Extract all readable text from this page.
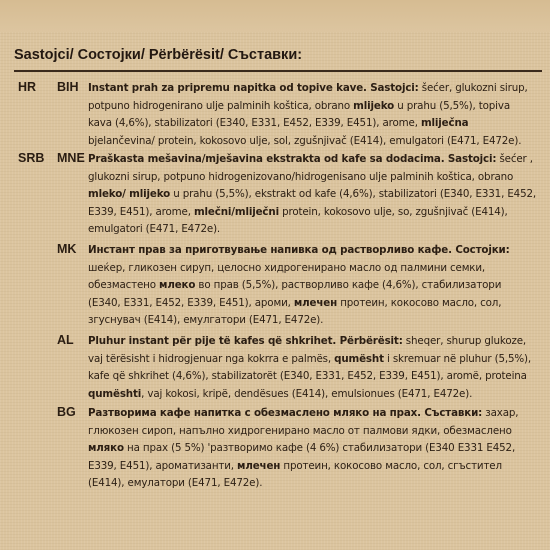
Sastojci/ Состојки/ Përbërësit/ Съставки:
HR BIH Instant prah za pripremu napitka od topive kave. Sastojci: šećer, glukozni sirup, potpuno hidrogenirano ulje palminih koštica, obrano mlijeko u prahu (5,5%), topiva kava (4,6%), stabilizatori (E340, E331, E452, E339, E451), arome, mliječna bjelančevina/ protein, kokosovo ulje, sol, zgušnjivač (E414), emulgatori (E471, E472e).
SRB MNE Praškasta mešavina/mješavina ekstrakta od kafe sa dodacima. Sastojci: šećer , glukozni sirup, potpuno hidrogenizovano/hidrogenisano ulje palminih koštica, obrano mleko/ mlijeko u prahu (5,5%), ekstrakt od kafe (4,6%), stabilizatori (E340, E331, E452, E339, E451), arome, mlečni/mliječni protein, kokosovo ulje, so, zgušnjivač (E414), emulgatori (E471, E472e).
MK Инстант прав за приготвување напивка од растворливо кафе. Состојки: шеќер, гликозен сируп, целосно хидрогенирано масло од палмини семки, обезмастено млеко во прав (5,5%), растворливо кафе (4,6%), стабилизатори (E340, E331, E452, E339, E451), ароми, млечен протеин, кокосово масло, сол, згуснувач (E414), емулгатори (E471, E472e).
AL Pluhur instant për pije të kafes që shkrihet. Përbërësit: sheqer, shurup glukoze, vaj tërësisht i hidrogjenuar nga kokrra e palmës, qumësht i skremuar në pluhur (5,5%), kafe që shkrihet (4,6%), stabilizatorët (E340, E331, E452, E339, E451), aromë, proteina qumështi, vaj kokosi, kripë, dendësues (E414), emulsionues (E471, E472e).
BG Разтворима кафе напитка с обезмаслено мляко на прах. Съставки: захар, глюкозен сироп, напълно хидрогенирано масло от палмови ядки, обезмаслено мляко на прах (5 5%) 'разтворимо кафе (4 6%) стабилизатори (E340 E331 E452, E339, E451), ароматизанти, млечен протеин, кокосово масло, сол, сгъстител (E414), емулатори (E471, E472e).
